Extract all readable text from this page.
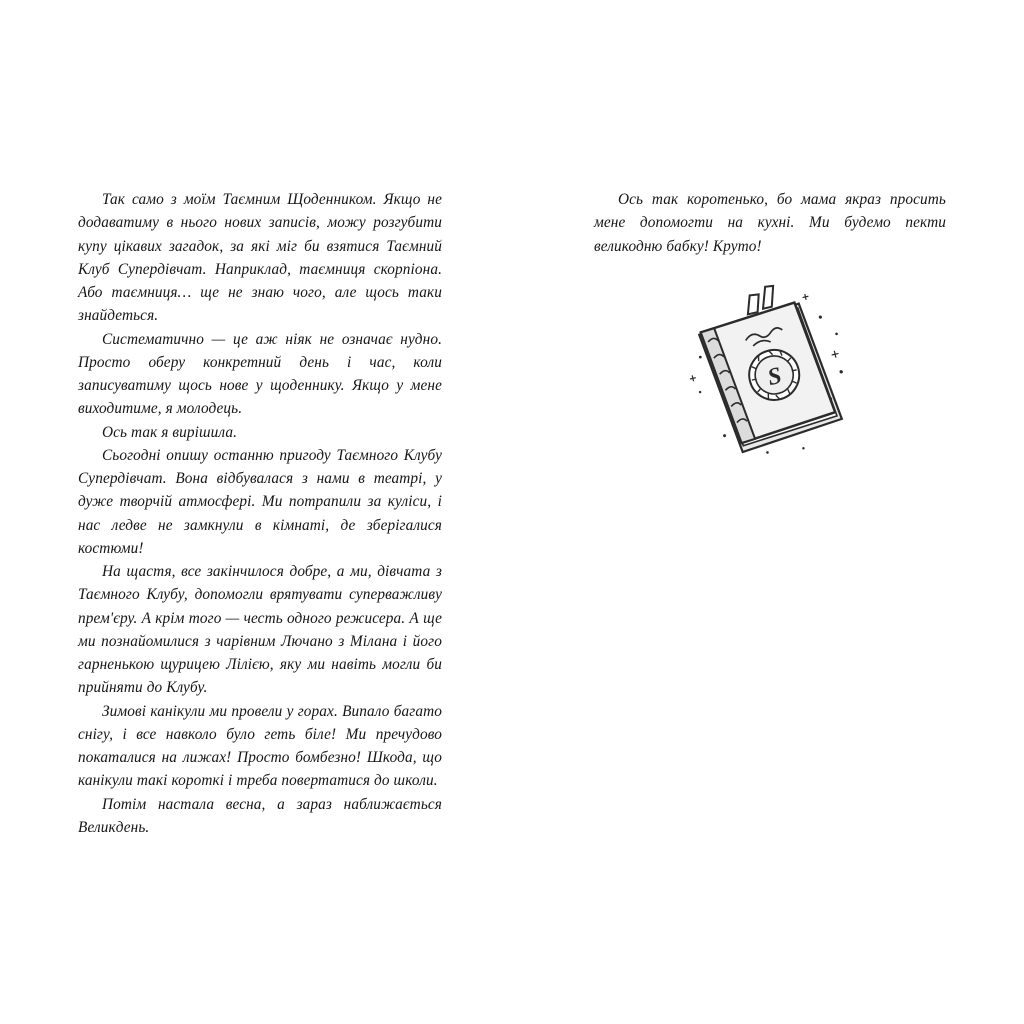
Так само з моїм Таємним Щоденником. Якщо не додаватиму в нього нових записів, можу розгубити купу цікавих загадок, за які міг би взятися Таємний Клуб Супердівчат. Наприклад, таємниця скорпіона. Або таємниця… ще не знаю чого, але щось таки знайдеться.

Систематично — це аж ніяк не означає нудно. Просто оберу конкретний день і час, коли записуватиму щось нове у щоденнику. Якщо у мене виходитиме, я молодець.

Ось так я вирішила.

Сьогодні опишу останню пригоду Таємного Клубу Супердівчат. Вона відбувалася з нами в театрі, у дуже творчій атмосфері. Ми потрапили за куліси, і нас ледве не замкнули в кімнаті, де зберігалися костюми!

На щастя, все закінчилося добре, а ми, дівчата з Таємного Клубу, допомогли врятувати суперважливу прем'єру. А крім того — честь одного режисера. А ще ми познайомилися з чарівним Лючано з Мілана і його гарненькою щурицею Лілією, яку ми навіть могли би прийняти до Клубу.

Зимові канікули ми провели у горах. Випало багато снігу, і все навколо було геть біле! Ми пречудово покаталися на лижах! Просто бомбезно! Шкода, що канікули такі короткі і треба повертатися до школи.

Потім настала весна, а зараз наближається Великдень.

Ось так коротенько, бо мама якраз просить мене допомогти на кухні. Ми будемо пекти великодню бабку! Круто!

S
